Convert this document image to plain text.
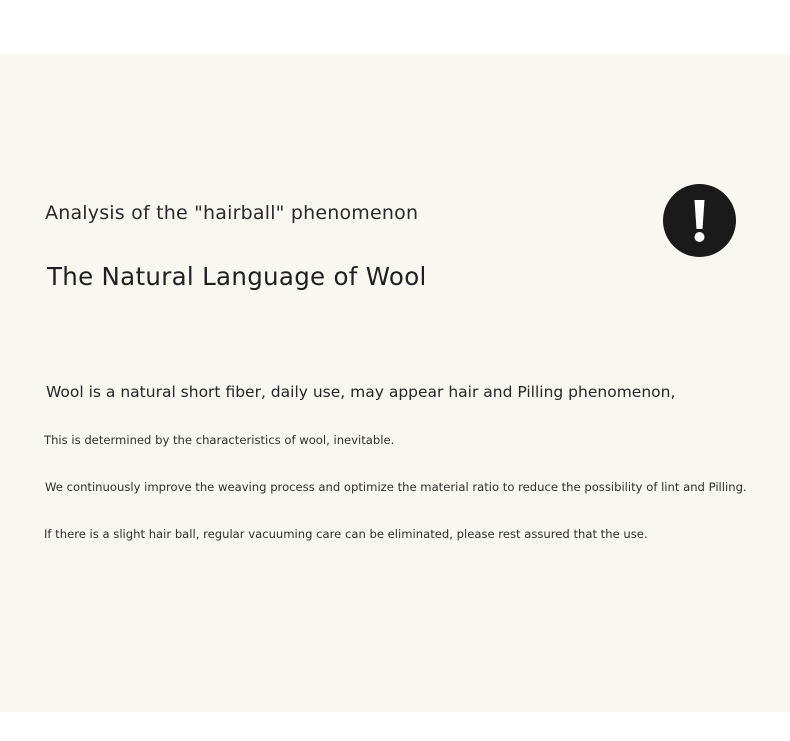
Analysis of the "hairball" phenomenon
The Natural Language of Wool

Wool is a natural short fiber, daily use, may appear hair and Pilling phenomenon,

This is determined by the characteristics of wool, inevitable.

We continuously improve the weaving process and optimize the material ratio to reduce the possibility of lint and Pilling.

If there is a slight hair ball, regular vacuuming care can be eliminated, please rest assured that the use.
